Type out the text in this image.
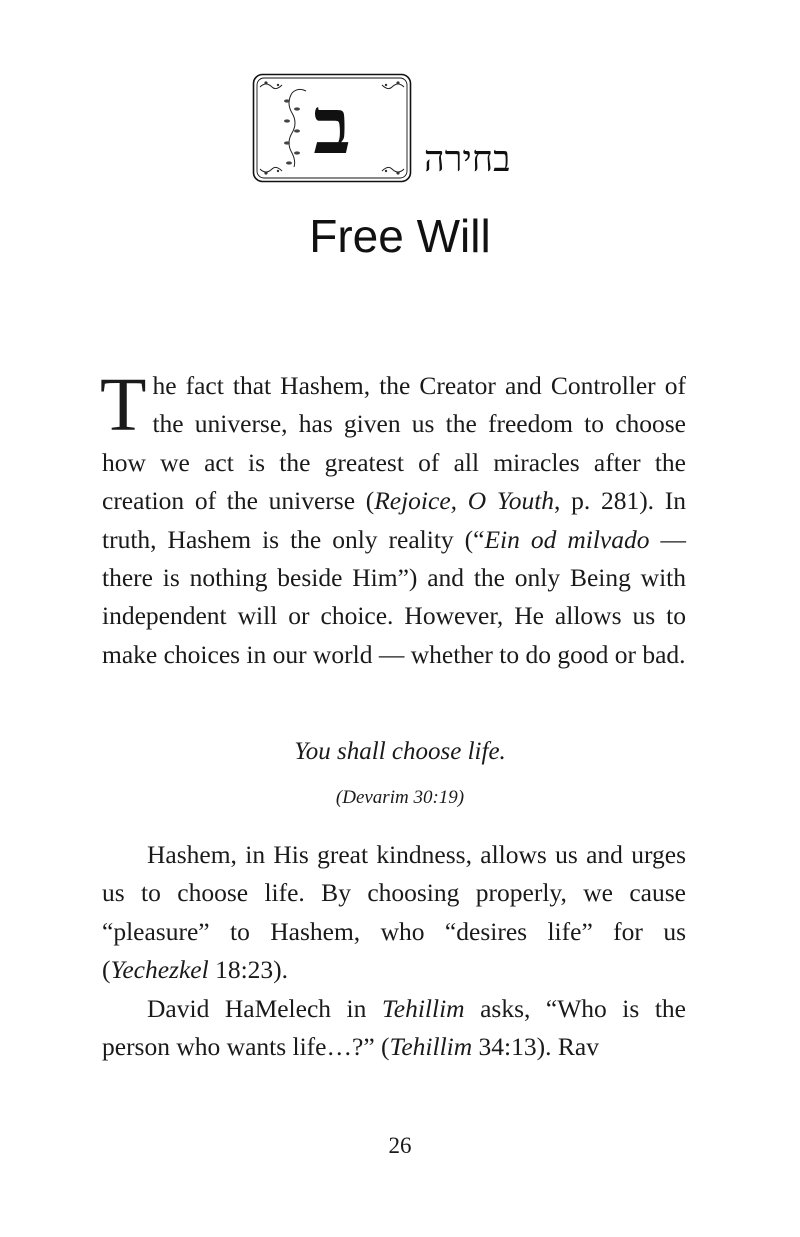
ב	בחירה
Free Will
The fact that Hashem, the Creator and Controller of the universe, has given us the freedom to choose how we act is the greatest of all miracles after the creation of the universe (Rejoice, O Youth, p. 281). In truth, Hashem is the only reality (“Ein od milvado — there is nothing beside Him”) and the only Being with independent will or choice. However, He allows us to make choices in our world — whether to do good or bad.
You shall choose life.
(Devarim 30:19)

Hashem, in His great kindness, allows us and urges us to choose life. By choosing properly, we cause “pleasure” to Hashem, who “desires life” for us (Yechezkel 18:23).

David HaMelech in Tehillim asks, “Who is the person who wants life…?” (Tehillim 34:13). Rav

26
